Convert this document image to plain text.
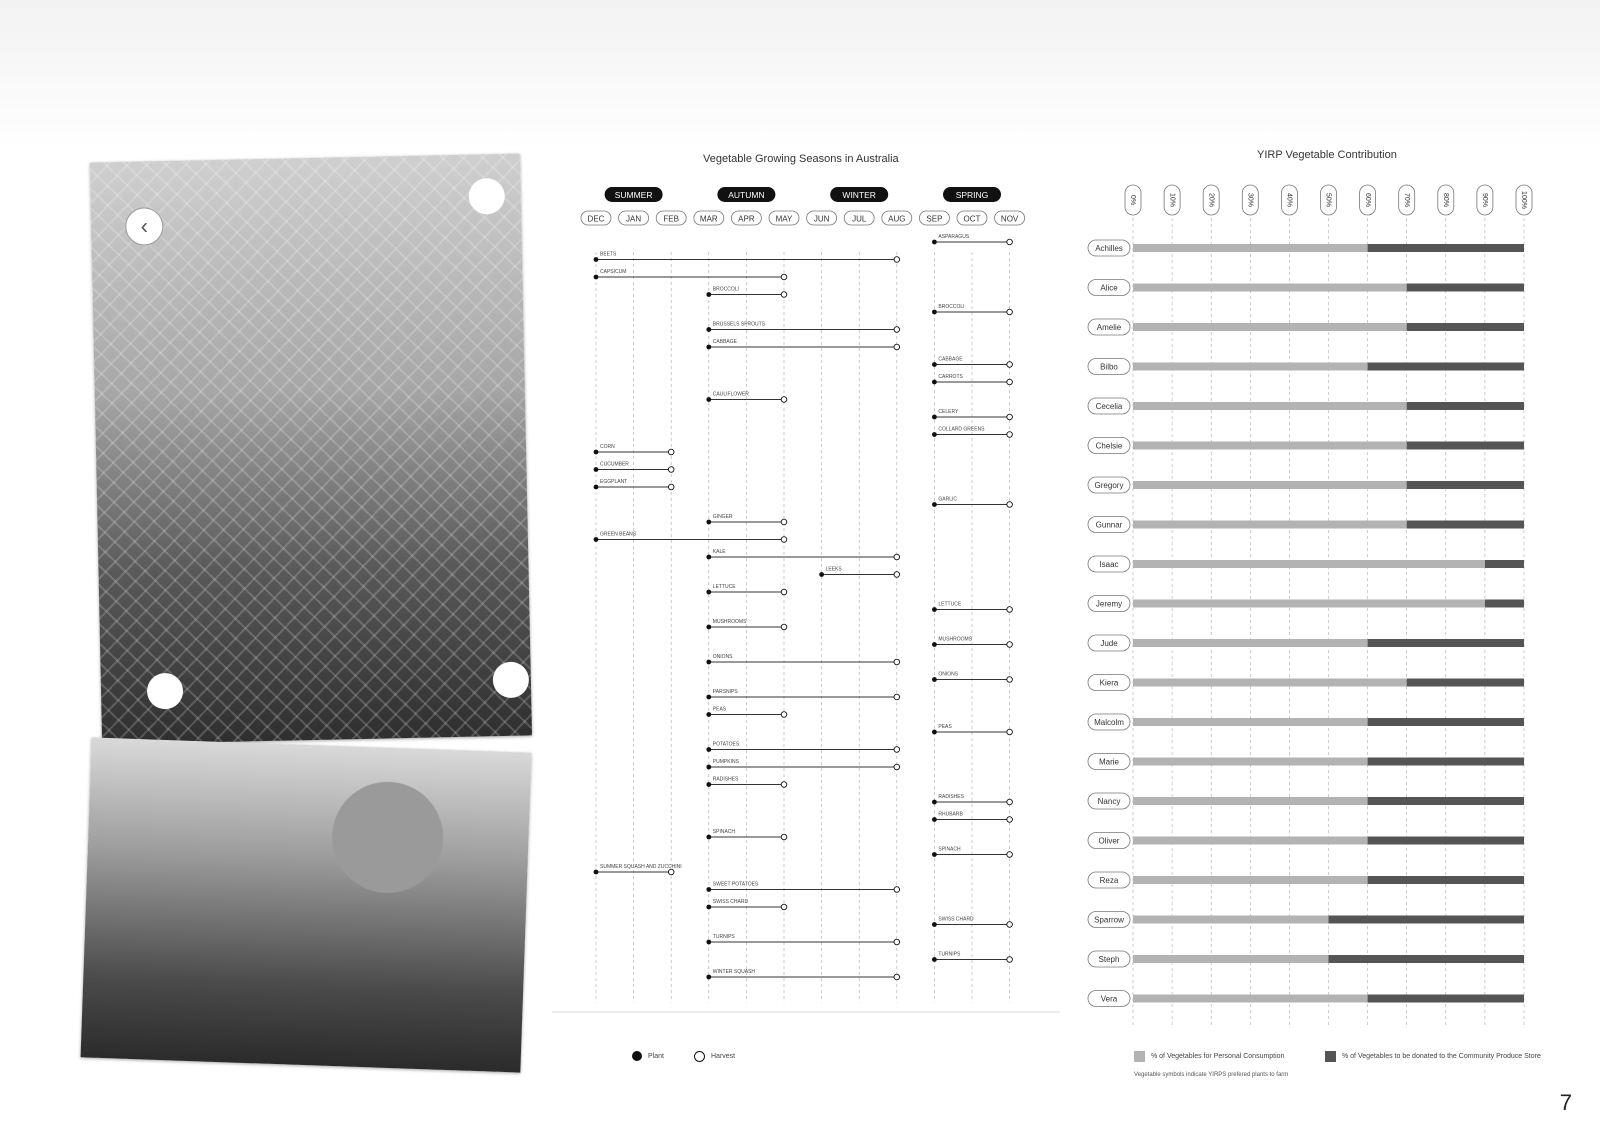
‹
Vegetable Growing Seasons in Australia	YIRP Vegetable Contribution
DEC	JAN	FEB	MAR	APR	MAY	JUN	JUL	AUG	SEP	OCT	NOV
SUMMER	AUTUMN	WINTER	SPRING
ASPARAGUS
BEETS
CAPSICUM
BROCCOLI
BROCCOLI
BRUSSELS SPROUTS
CABBAGE
CABBAGE
CARROTS
CAULIFLOWER
CELERY
COLLARD GREENS
CORN
CUCUMBER
EGGPLANT
GARLIC
GINGER
GREEN BEANS
KALE
LEEKS
LETTUCE
LETTUCE
MUSHROOMS
MUSHROOMS
ONIONS
ONIONS
PARSNIPS
PEAS
PEAS
POTATOES
PUMPKINS
RADISHES
RADISHES
RHUBARB
SPINACH
SPINACH
SUMMER SQUASH AND ZUCCHINI
SWEET POTATOES
SWISS CHARD
SWISS CHARD
TURNIPS
TURNIPS
WINTER SQUASH
0%	10%	20%	30%	40%	50%	60%	70%	80%	90%	100%
Achilles
Alice
Amelie
Bilbo
Cecelia
Chelsie
Gregory
Gunnar
Isaac
Jeremy
Jude
Kiera
Malcolm
Marie
Nancy
Oliver
Reza
Sparrow
Steph
Vera
Plant	Harvest	% of Vegetables for Personal Consumption	% of Vegetables to be donated to the Community Produce Store
Vegetable symbols indicate YIRPS prefered plants to farm
7
